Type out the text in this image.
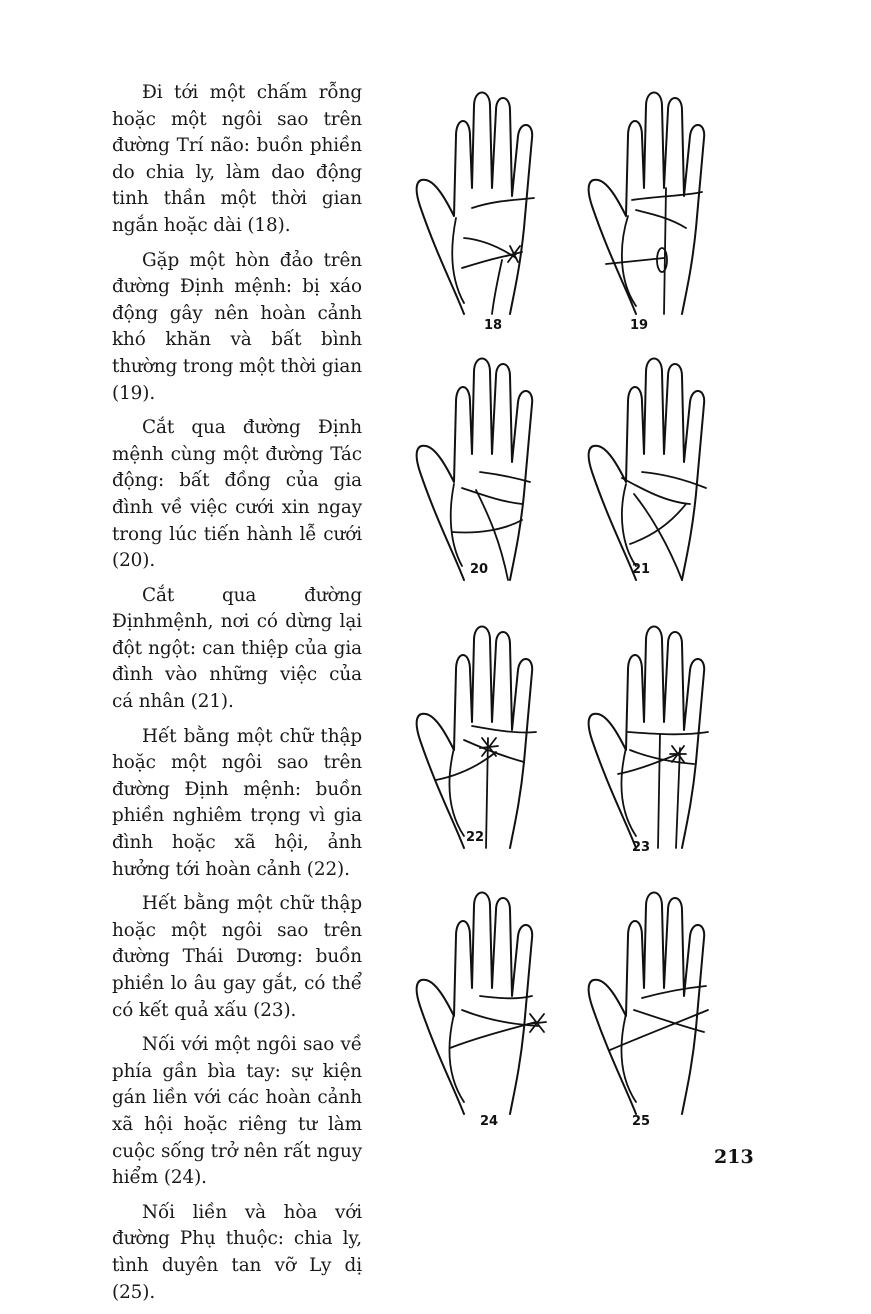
Đi tới một chấm rỗng hoặc một ngôi sao trên đường Trí não: buồn phiền do chia ly, làm dao động tinh thần một thời gian ngắn hoặc dài (18).

Gặp một hòn đảo trên đường Định mệnh: bị xáo động gây nên hoàn cảnh khó khăn và bất bình thường trong một thời gian (19).

Cắt qua đường Định mệnh cùng một đường Tác động: bất đồng của gia đình về việc cưới xin ngay trong lúc tiến hành lễ cưới (20).

Cắt qua đường Địnhmệnh, nơi có dừng lại đột ngột: can thiệp của gia đình vào những việc của cá nhân (21).

Hết bằng một chữ thập hoặc một ngôi sao trên đường Định mệnh: buồn phiền nghiêm trọng vì gia đình hoặc xã hội, ảnh hưởng tới hoàn cảnh (22).

Hết bằng một chữ thập hoặc một ngôi sao trên đường Thái Dương: buồn phiền lo âu gay gắt, có thể có kết quả xấu (23).

Nối với một ngôi sao về phía gần bìa tay: sự kiện gán liền với các hoàn cảnh xã hội hoặc riêng tư làm cuộc sống trở nên rất nguy hiểm (24).

Nối liền và hòa với đường Phụ thuộc: chia ly, tình duyên tan vỡ Ly dị (25).

18	19
20	21
22
23
24	25
213
